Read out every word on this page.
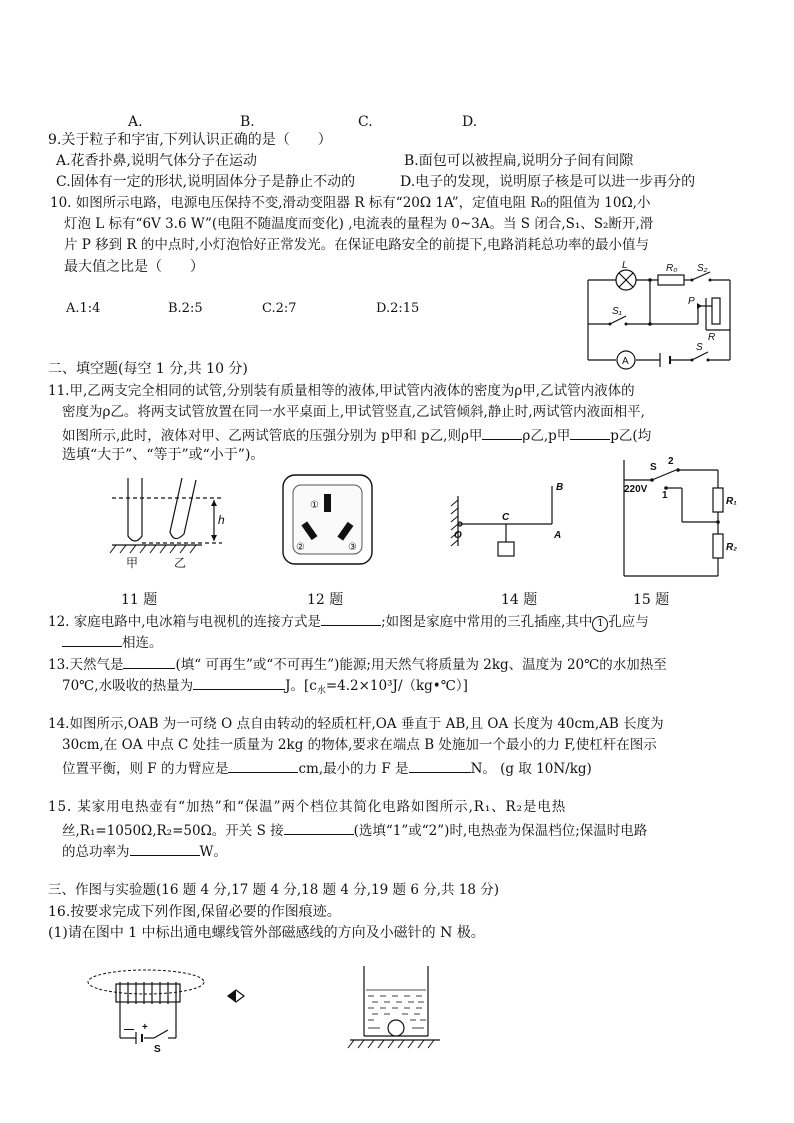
A.	B.	C.	D.
9.关于粒子和宇宙,下列认识正确的是（　　）
A.花香扑鼻,说明气体分子在运动	B.面包可以被捏扁,说明分子间有间隙
C.固体有一定的形状,说明固体分子是静止不动的	D.电子的发现，说明原子核是可以进一步再分的
10. 如图所示电路，电源电压保持不变,滑动变阻器 R 标有“20Ω 1A”，定值电阻 R₀的阻值为 10Ω,小
灯泡 L 标有“6V 3.6 W”(电阻不随温度而变化) ,电流表的量程为 0~3A。当 S 闭合,S₁、S₂断开,滑
片 P 移到 R 的中点时,小灯泡恰好正常发光。在保证电路安全的前提下,电路消耗总功率的最小值与
最大值之比是（　　）
A.1:4	B.2:5	C.2:7	D.2:15
L	R₀ S₂
S₁
P
R
A
S
二、填空题(每空 1 分,共 10 分)
11.甲,乙两支完全相同的试管,分别装有质量相等的液体,甲试管内液体的密度为ρ甲,乙试管内液体的
密度为ρ乙。将两支试管放置在同一水平桌面上,甲试管竖直,乙试管倾斜,静止时,两试管内液面相平,
如图所示,此时，液体对甲、乙两试管底的压强分别为 p甲和 p乙,则ρ甲	ρ乙,p甲	p乙(均
选填“大于”、“等于”或“小于”)。
h
甲	乙
①
②	③
O
C
A
B	220V
S
2
1
R₁
R₂
11 题	12 题	14 题	15 题
12. 家庭电路中,电冰箱与电视机的连接方式是	;如图是家庭中常用的三孔插座,其中 1 孔应与
相连。
13.天然气是	(填“ 可再生”或“不可再生”)能源;用天然气将质量为 2kg、温度为 20℃的水加热至
70℃,水吸收的热量为	J。$[c_水=4.2\times 10^3J/(kg•℃)]$
14.如图所示,OAB 为一可绕 O 点自由转动的轻质杠杆,OA 垂直于 AB,且 OA 长度为 40cm,AB 长度为
30cm,在 OA 中点 C 处挂一质量为 2kg 的物体,要求在端点 B 处施加一个最小的力 F,使杠杆在图示
位置平衡，则 F 的力臂应是	cm,最小的力 F 是	N。 (g 取 10N/kg)
15. 某家用电热壶有“加热”和“保温”两个档位其简化电路如图所示,R₁、R₂是电热
丝,R₁=1050Ω,R₂=50Ω。开关 S 接	(选填“1”或“2”)时,电热壶为保温档位;保温时电路
的总功率为	W。
三、作图与实验题(16 题 4 分,17 题 4 分,18 题 4 分,19 题 6 分,共 18 分)
16.按要求完成下列作图,保留必要的作图痕迹。
(1)请在图中 1 中标出通电螺线管外部磁感线的方向及小磁针的 N 极。
— +
S
